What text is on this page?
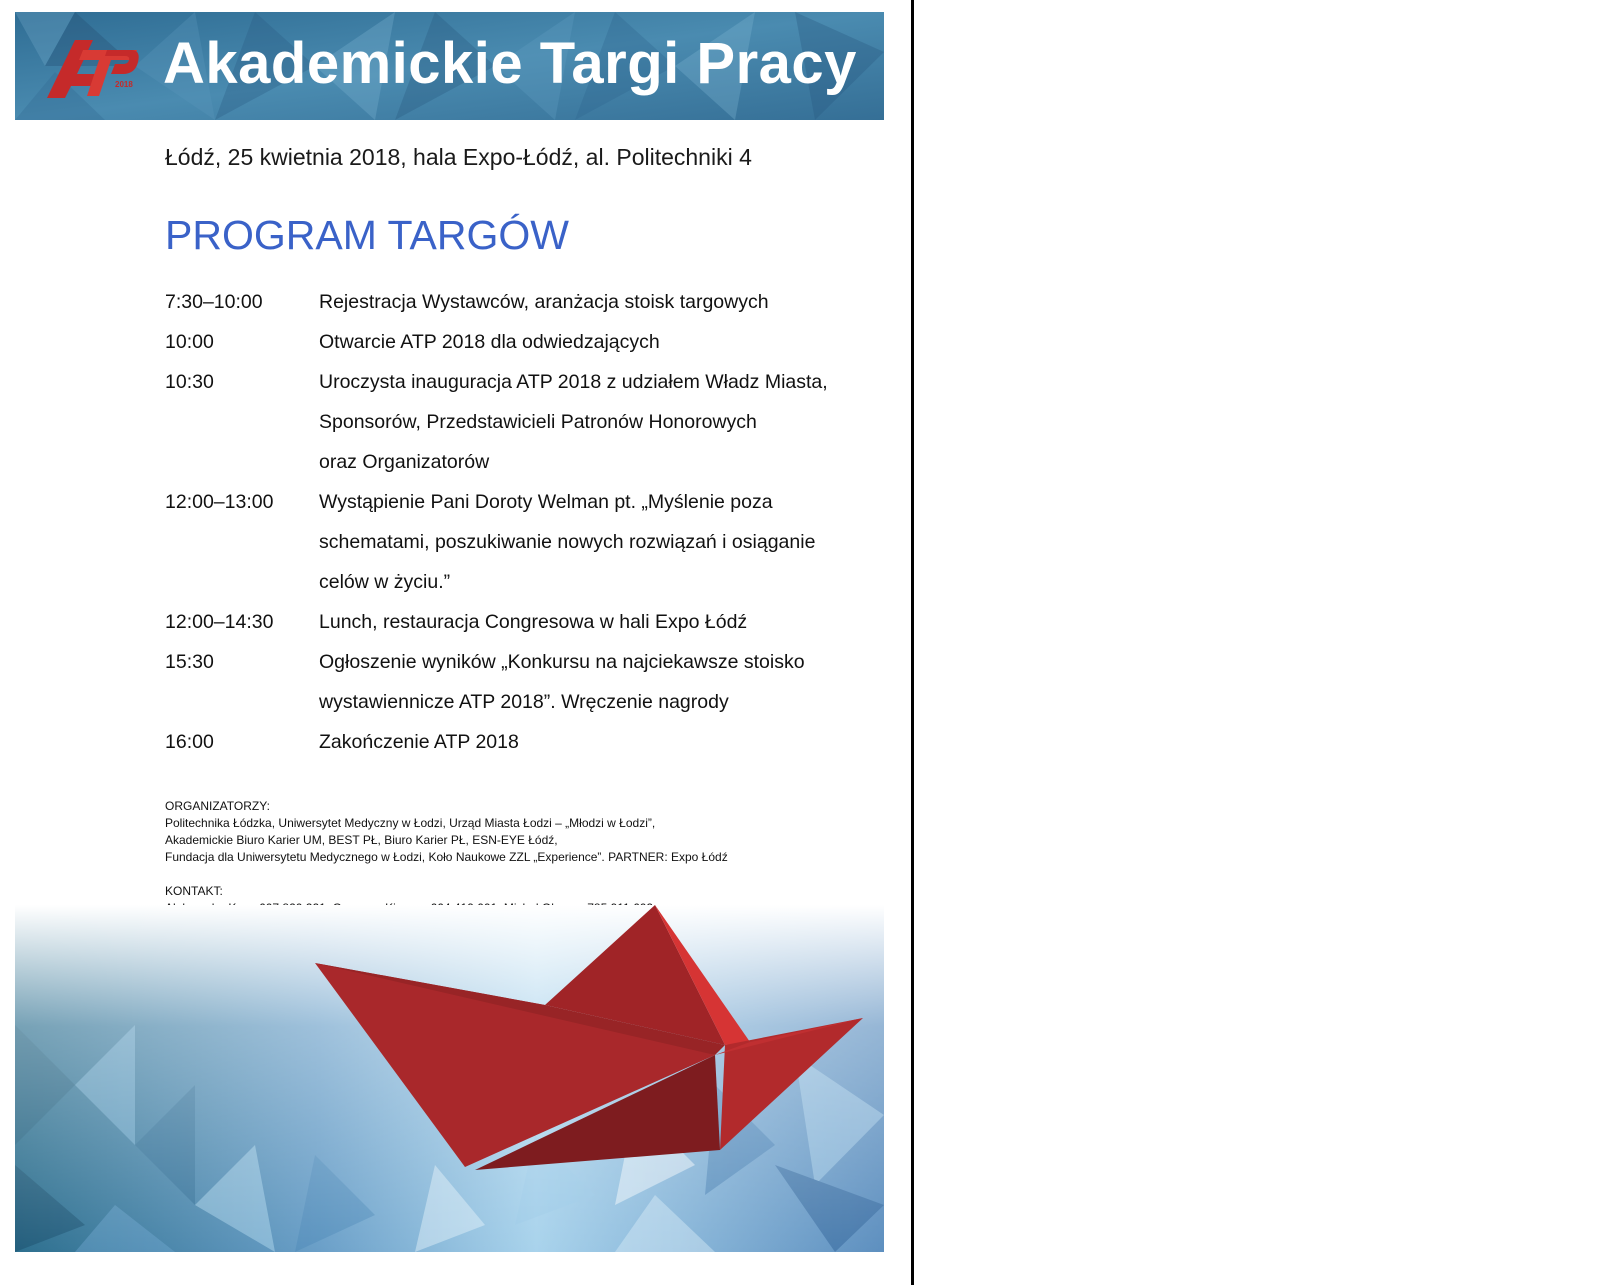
2018 Akademickie Targi Pracy
Łódź, 25 kwietnia 2018, hala Expo-Łódź, al. Politechniki 4
PROGRAM TARGÓW
7:30–10:00	Rejestracja Wystawców, aranżacja stoisk targowych
10:00	Otwarcie ATP 2018 dla odwiedzających
10:30	Uroczysta inauguracja ATP 2018 z udziałem Władz Miasta,
Sponsorów, Przedstawicieli Patronów Honorowych
oraz Organizatorów
12:00–13:00	Wystąpienie Pani Doroty Welman pt. „Myślenie poza
schematami, poszukiwanie nowych rozwiązań i osiąganie
celów w życiu.”
12:00–14:30	Lunch, restauracja Congresowa w hali Expo Łódź
15:30	Ogłoszenie wyników „Konkursu na najciekawsze stoisko
wystawiennicze ATP 2018”. Wręczenie nagrody
16:00	Zakończenie ATP 2018
ORGANIZATORZY:
Politechnika Łódzka, Uniwersytet Medyczny w Łodzi, Urząd Miasta Łodzi – „Młodzi w Łodzi”,
Akademickie Biuro Karier UM, BEST PŁ, Biuro Karier PŁ, ESN-EYE Łódź,
Fundacja dla Uniwersytetu Medycznego w Łodzi, Koło Naukowe ZZL „Experience”. PARTNER: Expo Łódź
KONTAKT:
